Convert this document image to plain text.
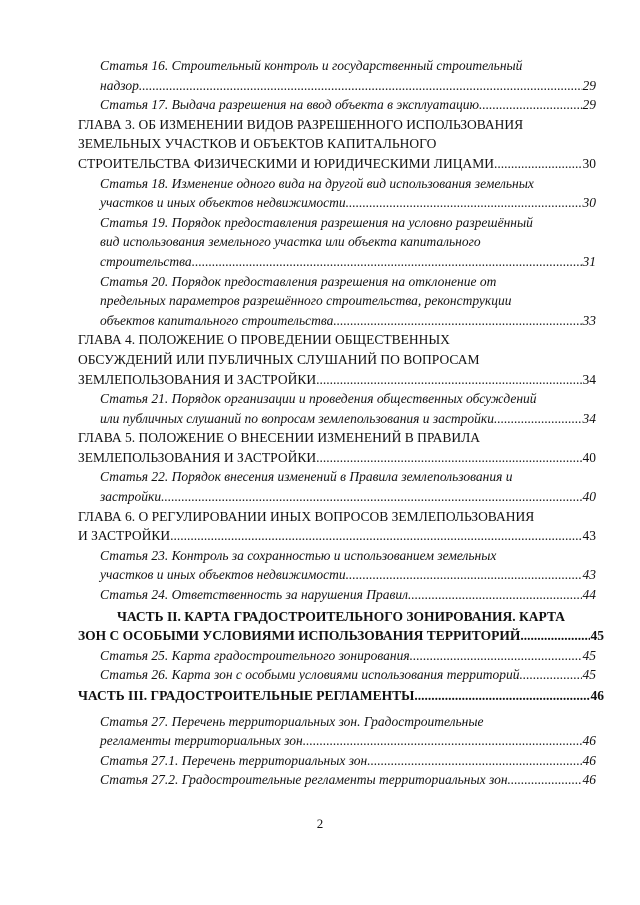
Статья 16. Строительный контроль и государственный строительный
надзор .....	29
Статья 17. Выдача разрешения на ввод объекта в эксплуатацию .....	29
ГЛАВА 3. ОБ ИЗМЕНЕНИИ ВИДОВ РАЗРЕШЕННОГО ИСПОЛЬЗОВАНИЯ
ЗЕМЕЛЬНЫХ УЧАСТКОВ И ОБЪЕКТОВ КАПИТАЛЬНОГО
СТРОИТЕЛЬСТВА ФИЗИЧЕСКИМИ И ЮРИДИЧЕСКИМИ ЛИЦАМИ .....	30
Статья 18. Изменение одного вида на другой вид использования земельных
участков и иных объектов недвижимости .....	30
Статья 19. Порядок предоставления разрешения на условно разрешённый
вид использования земельного участка или объекта капитального
строительства .....	31
Статья 20. Порядок предоставления разрешения на отклонение от
предельных параметров разрешённого строительства, реконструкции
объектов капитального строительства .....	33
ГЛАВА 4. ПОЛОЖЕНИЕ О ПРОВЕДЕНИИ ОБЩЕСТВЕННЫХ
ОБСУЖДЕНИЙ ИЛИ ПУБЛИЧНЫХ СЛУШАНИЙ ПО ВОПРОСАМ
ЗЕМЛЕПОЛЬЗОВАНИЯ И ЗАСТРОЙКИ .....	34
Статья 21. Порядок организации и проведения общественных обсуждений
или публичных слушаний по вопросам землепользования и застройки .....	34
ГЛАВА 5. ПОЛОЖЕНИЕ О ВНЕСЕНИИ ИЗМЕНЕНИЙ В ПРАВИЛА
ЗЕМЛЕПОЛЬЗОВАНИЯ И ЗАСТРОЙКИ .....	40
Статья 22. Порядок внесения изменений в Правила землепользования и
застройки .....	40
ГЛАВА 6. О РЕГУЛИРОВАНИИ ИНЫХ ВОПРОСОВ ЗЕМЛЕПОЛЬЗОВАНИЯ
И ЗАСТРОЙКИ .....	43
Статья 23. Контроль за сохранностью и использованием земельных
участков и иных объектов недвижимости. .....	43
Статья 24. Ответственность за нарушения Правил .....	44
ЧАСТЬ II. КАРТА ГРАДОСТРОИТЕЛЬНОГО ЗОНИРОВАНИЯ. КАРТА
ЗОН С ОСОБЫМИ УСЛОВИЯМИ ИСПОЛЬЗОВАНИЯ ТЕРРИТОРИЙ. .....	45
Статья 25. Карта градостроительного зонирования .....	45
Статья 26. Карта зон с особыми условиями использования территорий .....	45
ЧАСТЬ III. ГРАДОСТРОИТЕЛЬНЫЕ РЕГЛАМЕНТЫ .....	46
Статья 27. Перечень территориальных зон. Градостроительные
регламенты территориальных зон. .....	46
Статья 27.1. Перечень территориальных зон .....	46
Статья 27.2. Градостроительные регламенты территориальных зон .....	46
2
